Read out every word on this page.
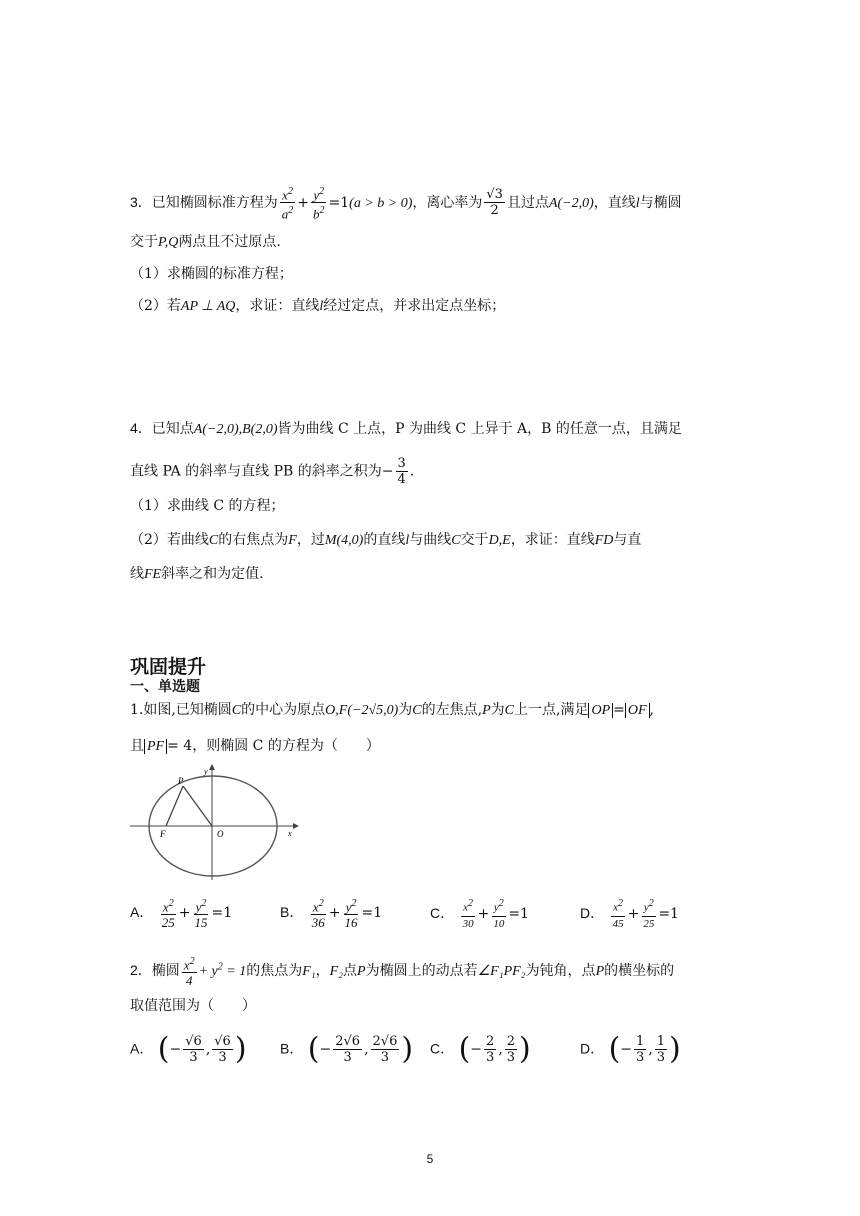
3．已知椭圆标准方程为 $\frac{x^2}{a^2} + \frac{y^2}{b^2} =1(a > b > 0)$，离心率为 $\frac{√3}{2}$ 且过点A(−2,0)，直线l与椭圆
交于P,Q两点且不过原点.
（1）求椭圆的标准方程；
（2）若AP ⊥ AQ，求证：直线l经过定点，并求出定点坐标；
4．已知点A(−2,0),B(2,0)皆为曲线 C 上点，P 为曲线 C 上异于 A，B 的任意一点，且满足
直线 PA 的斜率与直线 PB 的斜率之积为− $\frac{3}{4}$ .
（1）求曲线 C 的方程；
（2）若曲线C的右焦点为F，过M(4,0)的直线l与曲线C交于D,E，求证：直线FD与直
线FE斜率之和为定值.
巩固提升
一、单选题
1.如图,已知椭圆C的中心为原点O,F(−2√5,0)为C的左焦点,P为C上一点,满足 OP = OF ,
且 PF = 4，则椭圆 C 的方程为（　　）
P
F	O	x
y
A． $\frac{x^2}{25} + \frac{y^2}{15} =1$	B． $\frac{x^2}{36} + \frac{y^2}{16} =1$	C． $\frac{x^2}{30} + \frac{y^2}{10} =1$	D． $\frac{x^2}{45} + \frac{y^2}{25} =1$
2．椭圆 $\frac{x^2}{4} + y^2 = 1$的焦点为F₁，F₂点P为椭圆上的动点若∠F₁PF₂为钝角，点P的横坐标的
取值范围为（　　）
A． (− $\frac{√6}{3}$ , $\frac{√6}{3}$ ) B． (− $\frac{2√6}{3}$ , $\frac{2√6}{3}$ ) C． (− $\frac{2}{3}$ , $\frac{2}{3}$ )	D． (− $\frac{1}{3}$ , $\frac{1}{3}$ )
5
